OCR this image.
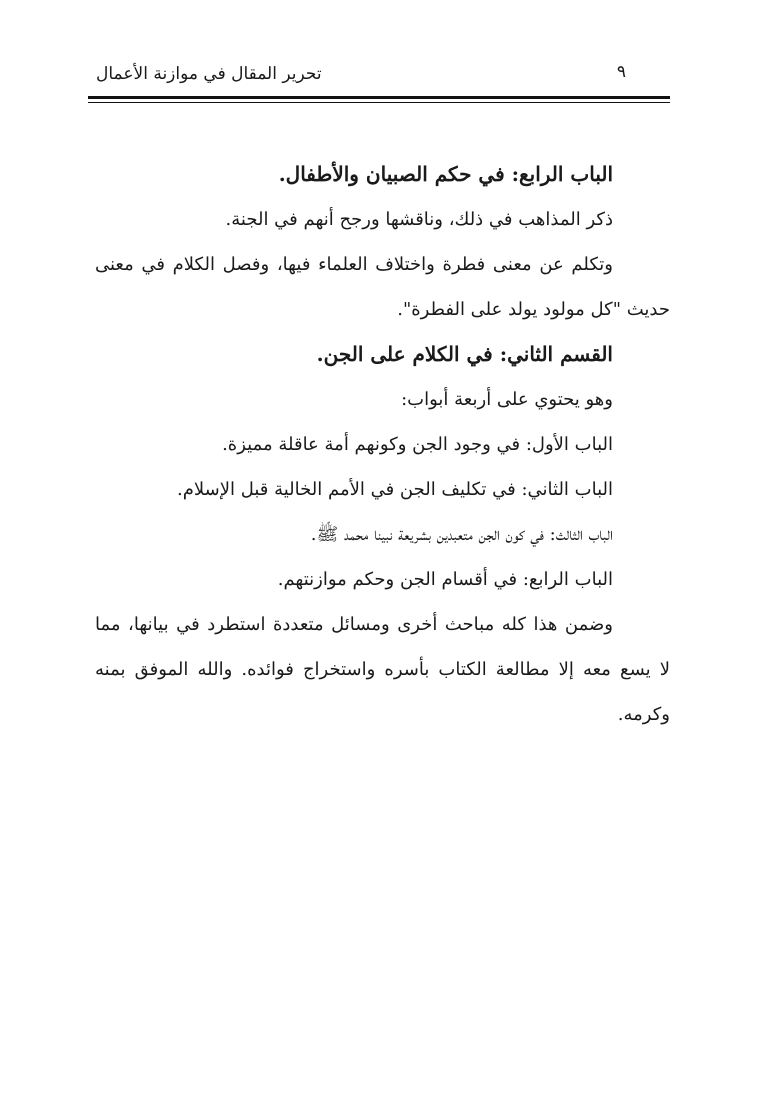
تحرير المقال في موازنة الأعمال	٩
الباب الرابع: في حكم الصبيان والأطفال.
ذكر المذاهب في ذلك، وناقشها ورجح أنهم في الجنة.
وتكلم عن معنى فطرة واختلاف العلماء فيها، وفصل الكلام في معنى
حديث "كل مولود يولد على الفطرة".
القسم الثاني: في الكلام على الجن.
وهو يحتوي على أربعة أبواب:
الباب الأول: في وجود الجن وكونهم أمة عاقلة مميزة.
الباب الثاني: في تكليف الجن في الأمم الخالية قبل الإسلام.
الباب الثالث: في كون الجن متعبدين بشريعة نبينا محمد ﷺ.
الباب الرابع: في أقسام الجن وحكم موازنتهم.
وضمن هذا كله مباحث أخرى ومسائل متعددة استطرد في بيانها، مما
لا يسع معه إلا مطالعة الكتاب بأسره واستخراج فوائده. والله الموفق بمنه
وكرمه.
